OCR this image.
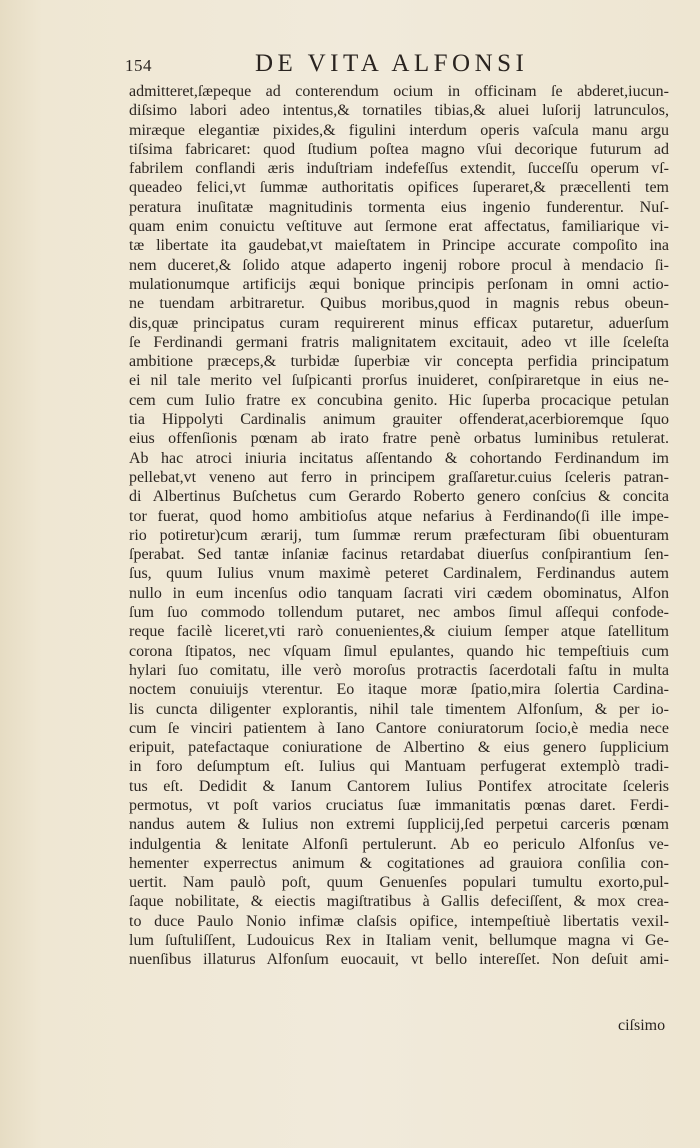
154	DE VITA ALFONSI
admitteret,ſæpeque ad conterendum ocium in officinam ſe abderet,iucun-
diſsimo labori adeo intentus,& tornatiles tibias,& aluei luſorij latrunculos,
miræque elegantiæ pixides,& figulini interdum operis vaſcula manu argu
tiſsima fabricaret: quod ſtudium poſtea magno vſui decorique futurum ad
fabrilem conflandi æris induſtriam indefeſſus extendit, ſucceſſu operum vſ-
queadeo felici,vt ſummæ authoritatis opifices ſuperaret,& præcellenti tem
peratura inuſitatæ magnitudinis tormenta eius ingenio funderentur. Nuſ-
quam enim conuictu veſtituve aut ſermone erat affectatus, familiarique vi-
tæ libertate ita gaudebat,vt maieſtatem in Principe accurate compoſito ina
nem duceret,& ſolido atque adaperto ingenij robore procul à mendacio ſi-
mulationumque artificijs æqui bonique principis perſonam in omni actio-
ne tuendam arbitraretur. Quibus moribus,quod in magnis rebus obeun-
dis,quæ principatus curam requirerent minus efficax putaretur, aduerſum
ſe Ferdinandi germani fratris malignitatem excitauit, adeo vt ille ſceleſta
ambitione præceps,& turbidæ ſuperbiæ vir concepta perfidia principatum
ei nil tale merito vel ſuſpicanti prorſus inuideret, conſpiraretque in eius ne-
cem cum Iulio fratre ex concubina genito. Hic ſuperba procacique petulan
tia Hippolyti Cardinalis animum grauiter offenderat,acerbioremque ſquo
eius offenſionis pœnam ab irato fratre penè orbatus luminibus retulerat.
Ab hac atroci iniuria incitatus aſſentando & cohortando Ferdinandum im
pellebat,vt veneno aut ferro in principem graſſaretur.cuius ſceleris patran-
di Albertinus Buſchetus cum Gerardo Roberto genero conſcius & concita
tor fuerat, quod homo ambitioſus atque nefarius à Ferdinando(ſi ille impe-
rio potiretur)cum ærarij, tum ſummæ rerum præfecturam ſibi obuenturam
ſperabat. Sed tantæ inſaniæ facinus retardabat diuerſus conſpirantium ſen-
ſus, quum Iulius vnum maximè peteret Cardinalem, Ferdinandus autem
nullo in eum incenſus odio tanquam ſacrati viri cædem obominatus, Alfon
ſum ſuo commodo tollendum putaret, nec ambos ſimul aſſequi confode-
reque facilè liceret,vti rarò conuenientes,& ciuium ſemper atque ſatellitum
corona ſtipatos, nec vſquam ſimul epulantes, quando hic tempeſtiuis cum
hylari ſuo comitatu, ille verò moroſus protractis ſacerdotali faſtu in multa
noctem conuiuijs vterentur. Eo itaque moræ ſpatio,mira ſolertia Cardina-
lis cuncta diligenter explorantis, nihil tale timentem Alfonſum, & per io-
cum ſe vinciri patientem à Iano Cantore coniuratorum ſocio,è media nece
eripuit, patefactaque coniuratione de Albertino & eius genero ſupplicium
in foro deſumptum eſt. Iulius qui Mantuam perfugerat extemplò tradi-
tus eſt. Dedidit & Ianum Cantorem Iulius Pontifex atrocitate ſceleris
permotus, vt poſt varios cruciatus ſuæ immanitatis pœnas daret. Ferdi-
nandus autem & Iulius non extremi ſupplicij,ſed perpetui carceris pœnam
indulgentia & lenitate Alfonſi pertulerunt. Ab eo periculo Alfonſus ve-
hementer experrectus animum & cogitationes ad grauiora conſilia con-
uertit. Nam paulò poſt, quum Genuenſes populari tumultu exorto,pul-
ſaque nobilitate, & eiectis magiſtratibus à Gallis defeciſſent, & mox crea-
to duce Paulo Nonio infimæ claſsis opifice, intempeſtiuè libertatis vexil-
lum ſuſtuliſſent, Ludouicus Rex in Italiam venit, bellumque magna vi Ge-
nuenſibus illaturus Alfonſum euocauit, vt bello intereſſet. Non deſuit ami-
ciſsimo
